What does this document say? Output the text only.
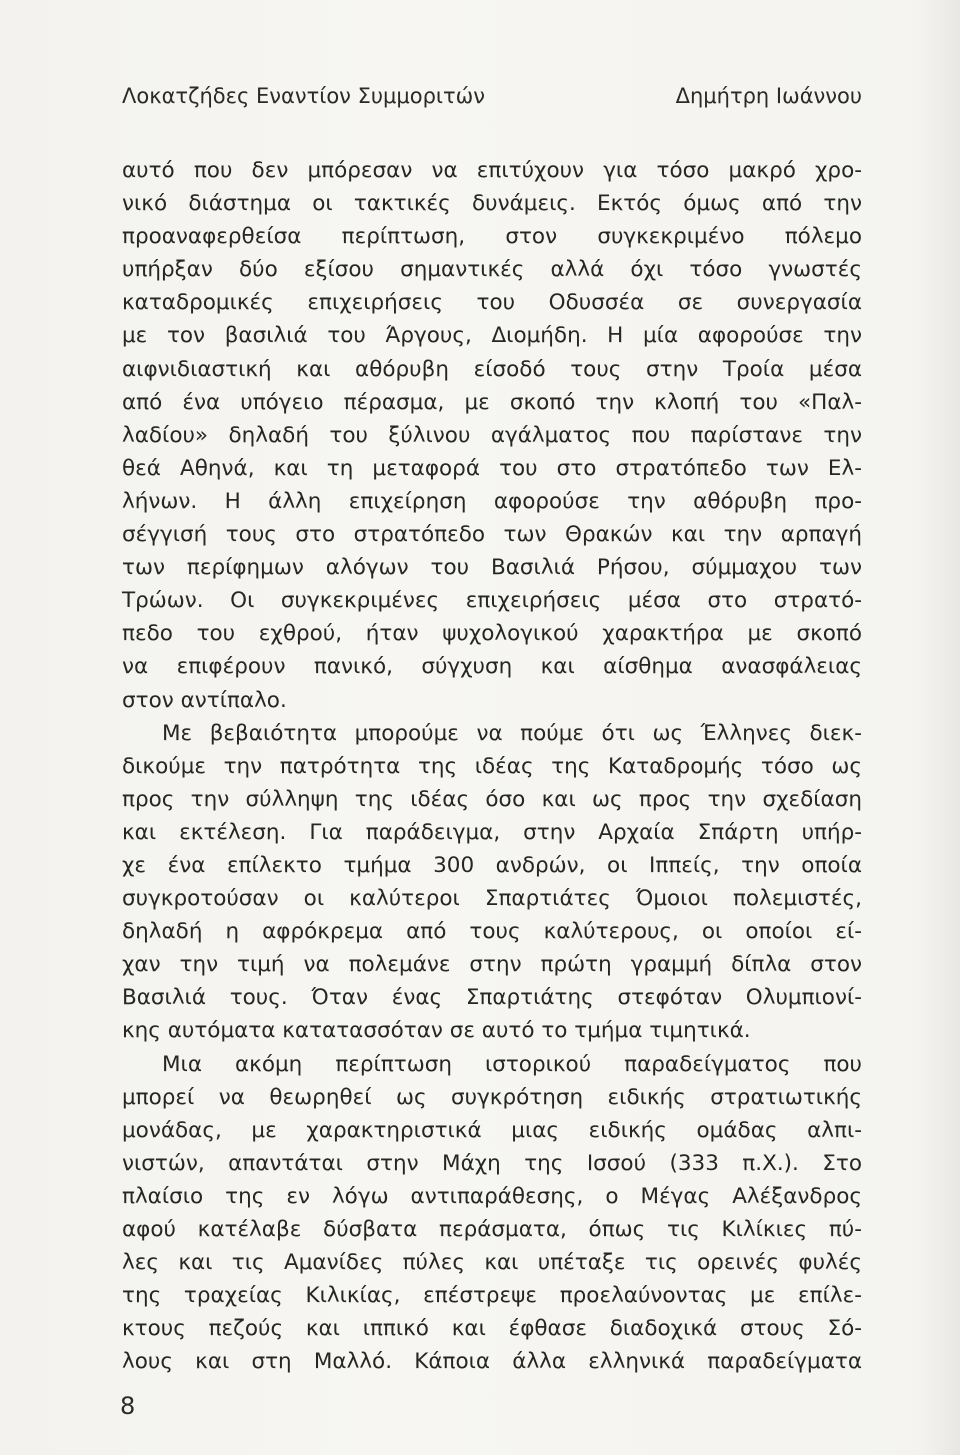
Λοκατζήδες Εναντίον Συμμοριτών	Δημήτρη Ιωάννου

αυτό που δεν μπόρεσαν να επιτύχουν για τόσο μακρό χρο-

νικό διάστημα οι τακτικές δυνάμεις. Εκτός όμως από την

προαναφερθείσα περίπτωση, στον συγκεκριμένο πόλεμο

υπήρξαν δύο εξίσου σημαντικές αλλά όχι τόσο γνωστές

καταδρομικές επιχειρήσεις του Οδυσσέα σε συνεργασία

με τον βασιλιά του Άργους, Διομήδη. Η μία αφορούσε την

αιφνιδιαστική και αθόρυβη είσοδό τους στην Τροία μέσα

από ένα υπόγειο πέρασμα, με σκοπό την κλοπή του «Παλ-

λαδίου» δηλαδή του ξύλινου αγάλματος που παρίστανε την

θεά Αθηνά, και τη μεταφορά του στο στρατόπεδο των Ελ-

λήνων. Η άλλη επιχείρηση αφορούσε την αθόρυβη προ-

σέγγισή τους στο στρατόπεδο των Θρακών και την αρπαγή

των περίφημων αλόγων του Βασιλιά Ρήσου, σύμμαχου των

Τρώων. Οι συγκεκριμένες επιχειρήσεις μέσα στο στρατό-

πεδο του εχθρού, ήταν ψυχολογικού χαρακτήρα με σκοπό

να επιφέρουν πανικό, σύγχυση και αίσθημα ανασφάλειας

στον αντίπαλο.

Με βεβαιότητα μπορούμε να πούμε ότι ως Έλληνες διεκ-

δικούμε την πατρότητα της ιδέας της Καταδρομής τόσο ως

προς την σύλληψη της ιδέας όσο και ως προς την σχεδίαση

και εκτέλεση. Για παράδειγμα, στην Αρχαία Σπάρτη υπήρ-

χε ένα επίλεκτο τμήμα 300 ανδρών, οι Ιππείς, την οποία

συγκροτούσαν οι καλύτεροι Σπαρτιάτες Όμοιοι πολεμιστές,

δηλαδή η αφρόκρεμα από τους καλύτερους, οι οποίοι εί-

χαν την τιμή να πολεμάνε στην πρώτη γραμμή δίπλα στον

Βασιλιά τους. Όταν ένας Σπαρτιάτης στεφόταν Ολυμπιονί-

κης αυτόματα κατατασσόταν σε αυτό το τμήμα τιμητικά.

Μια ακόμη περίπτωση ιστορικού παραδείγματος που

μπορεί να θεωρηθεί ως συγκρότηση ειδικής στρατιωτικής

μονάδας, με χαρακτηριστικά μιας ειδικής ομάδας αλπι-

νιστών, απαντάται στην Μάχη της Ισσού (333 π.Χ.). Στο

πλαίσιο της εν λόγω αντιπαράθεσης, ο Μέγας Αλέξανδρος

αφού κατέλαβε δύσβατα περάσματα, όπως τις Κιλίκιες πύ-

λες και τις Αμανίδες πύλες και υπέταξε τις ορεινές φυλές

της τραχείας Κιλικίας, επέστρεψε προελαύνοντας με επίλε-

κτους πεζούς και ιππικό και έφθασε διαδοχικά στους Σό-

λους και στη Μαλλό. Κάποια άλλα ελληνικά παραδείγματα

8
